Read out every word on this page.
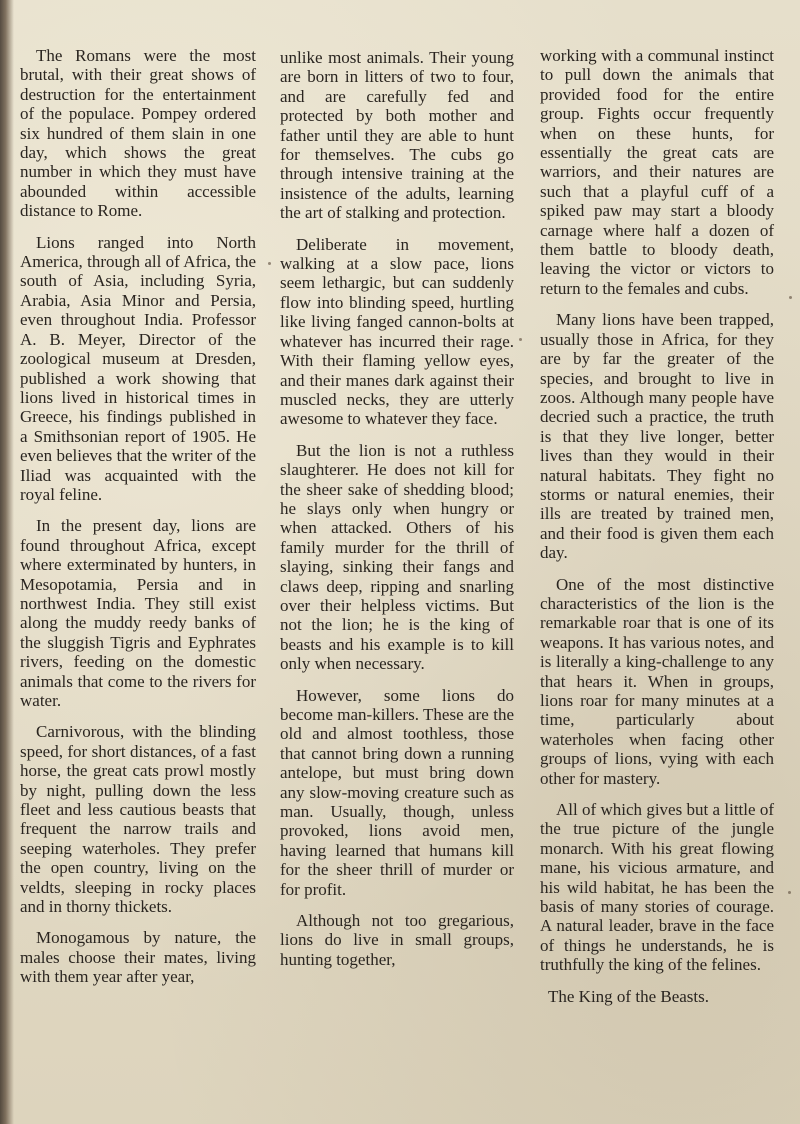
The Romans were the most brutal, with their great shows of destruction for the entertainment of the populace. Pompey ordered six hundred of them slain in one day, which shows the great number in which they must have abounded within accessible distance to Rome.

Lions ranged into North America, through all of Africa, the south of Asia, including Syria, Arabia, Asia Minor and Persia, even throughout India. Professor A. B. Meyer, Director of the zoological museum at Dresden, published a work showing that lions lived in historical times in Greece, his findings published in a Smithsonian report of 1905. He even believes that the writer of the Iliad was acquainted with the royal feline.

In the present day, lions are found throughout Africa, except where exterminated by hunters, in Mesopotamia, Persia and in northwest India. They still exist along the muddy reedy banks of the sluggish Tigris and Eyphrates rivers, feeding on the domestic animals that come to the rivers for water.

Carnivorous, with the blinding speed, for short distances, of a fast horse, the great cats prowl mostly by night, pulling down the less fleet and less cautious beasts that frequent the narrow trails and seeping waterholes. They prefer the open country, living on the veldts, sleeping in rocky places and in thorny thickets.

Monogamous by nature, the males choose their mates, living with them year after year,

unlike most animals. Their young are born in litters of two to four, and are carefully fed and protected by both mother and father until they are able to hunt for themselves. The cubs go through intensive training at the insistence of the adults, learning the art of stalking and protection.

Deliberate in movement, walking at a slow pace, lions seem lethargic, but can suddenly flow into blinding speed, hurtling like living fanged cannon-bolts at whatever has incurred their rage. With their flaming yellow eyes, and their manes dark against their muscled necks, they are utterly awesome to whatever they face.

But the lion is not a ruthless slaughterer. He does not kill for the sheer sake of shedding blood; he slays only when hungry or when attacked. Others of his family murder for the thrill of slaying, sinking their fangs and claws deep, ripping and snarling over their helpless victims. But not the lion; he is the king of beasts and his example is to kill only when necessary.

However, some lions do become man-killers. These are the old and almost toothless, those that cannot bring down a running antelope, but must bring down any slow-moving creature such as man. Usually, though, unless provoked, lions avoid men, having learned that humans kill for the sheer thrill of murder or for profit.

Although not too gregarious, lions do live in small groups, hunting together,

working with a communal instinct to pull down the animals that provided food for the entire group. Fights occur frequently when on these hunts, for essentially the great cats are warriors, and their natures are such that a playful cuff of a spiked paw may start a bloody carnage where half a dozen of them battle to bloody death, leaving the victor or victors to return to the females and cubs.

Many lions have been trapped, usually those in Africa, for they are by far the greater of the species, and brought to live in zoos. Although many people have decried such a practice, the truth is that they live longer, better lives than they would in their natural habitats. They fight no storms or natural enemies, their ills are treated by trained men, and their food is given them each day.

One of the most distinctive characteristics of the lion is the remarkable roar that is one of its weapons. It has various notes, and is literally a king-challenge to any that hears it. When in groups, lions roar for many minutes at a time, particularly about waterholes when facing other groups of lions, vying with each other for mastery.

All of which gives but a little of the true picture of the jungle monarch. With his great flowing mane, his vicious armature, and his wild habitat, he has been the basis of many stories of courage. A natural leader, brave in the face of things he understands, he is truthfully the king of the felines.

The King of the Beasts.
